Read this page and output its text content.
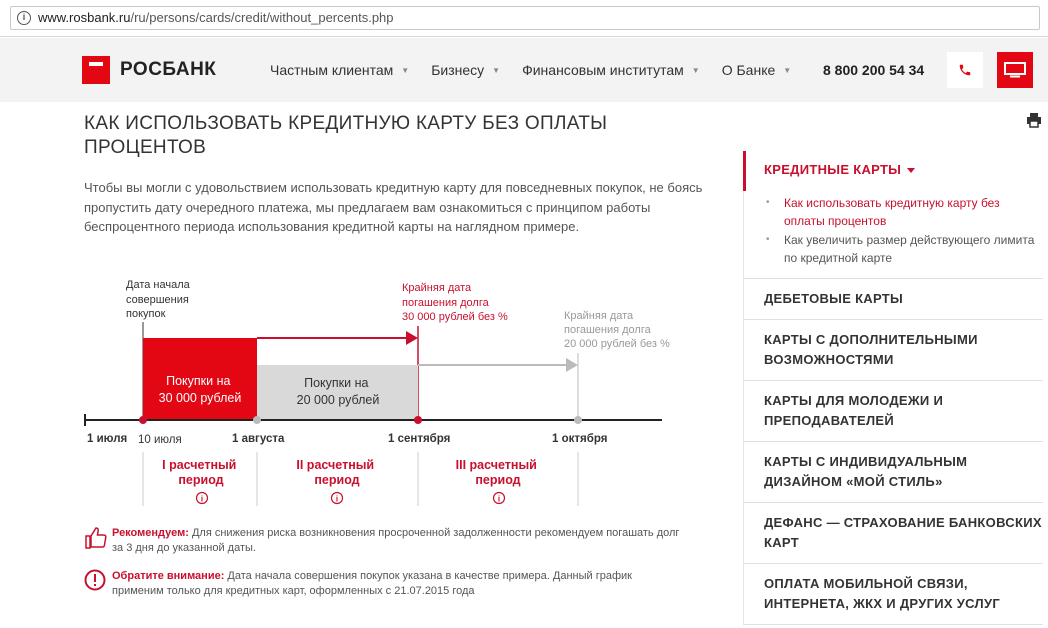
i www.rosbank.ru/ru/persons/cards/credit/without_percents.php
РОСБАНК	Частным клиентам ▼ Бизнесу ▼ Финансовым институтам ▼ О Банке ▼ 8 800 200 54 34
КАК ИСПОЛЬЗОВАТЬ КРЕДИТНУЮ КАРТУ БЕЗ ОПЛАТЫ ПРОЦЕНТОВ

Чтобы вы могли с удовольствием использовать кредитную карту для повседневных покупок, не боясь пропустить дату очередного платежа, мы предлагаем вам ознакомиться с принципом работы беспроцентного периода использования кредитной карты на наглядном примере.

Дата начала совершения покупок
Крайняя дата погашения долга 30 000 рублей без %	Крайняя дата погашения долга 20 000 рублей без %
Покупки на 30 000 рублей
Покупки на 20 000 рублей
1 июля 10 июля	1 августа	1 сентября	1 октября
I расчетный период
i
II расчетный период
i
III расчетный период
i
Рекомендуем: Для снижения риска возникновения просроченной задолженности рекомендуем погашать долг за 3 дня до указанной даты.
Обратите внимание: Дата начала совершения покупок указана в качестве примера. Данный график применим только для кредитных карт, оформленных с 21.07.2015 года
КРЕДИТНЫЕ КАРТЫ
• Как использовать кредитную карту без оплаты процентов
• Как увеличить размер действующего лимита по кредитной карте
ДЕБЕТОВЫЕ КАРТЫ
КАРТЫ С ДОПОЛНИТЕЛЬНЫМИ ВОЗМОЖНОСТЯМИ
КАРТЫ ДЛЯ МОЛОДЕЖИ И ПРЕПОДАВАТЕЛЕЙ
КАРТЫ С ИНДИВИДУАЛЬНЫМ ДИЗАЙНОМ «МОЙ СТИЛЬ»
ДЕФАНС — СТРАХОВАНИЕ БАНКОВСКИХ КАРТ
ОПЛАТА МОБИЛЬНОЙ СВЯЗИ, ИНТЕРНЕТА, ЖКХ И ДРУГИХ УСЛУГ
